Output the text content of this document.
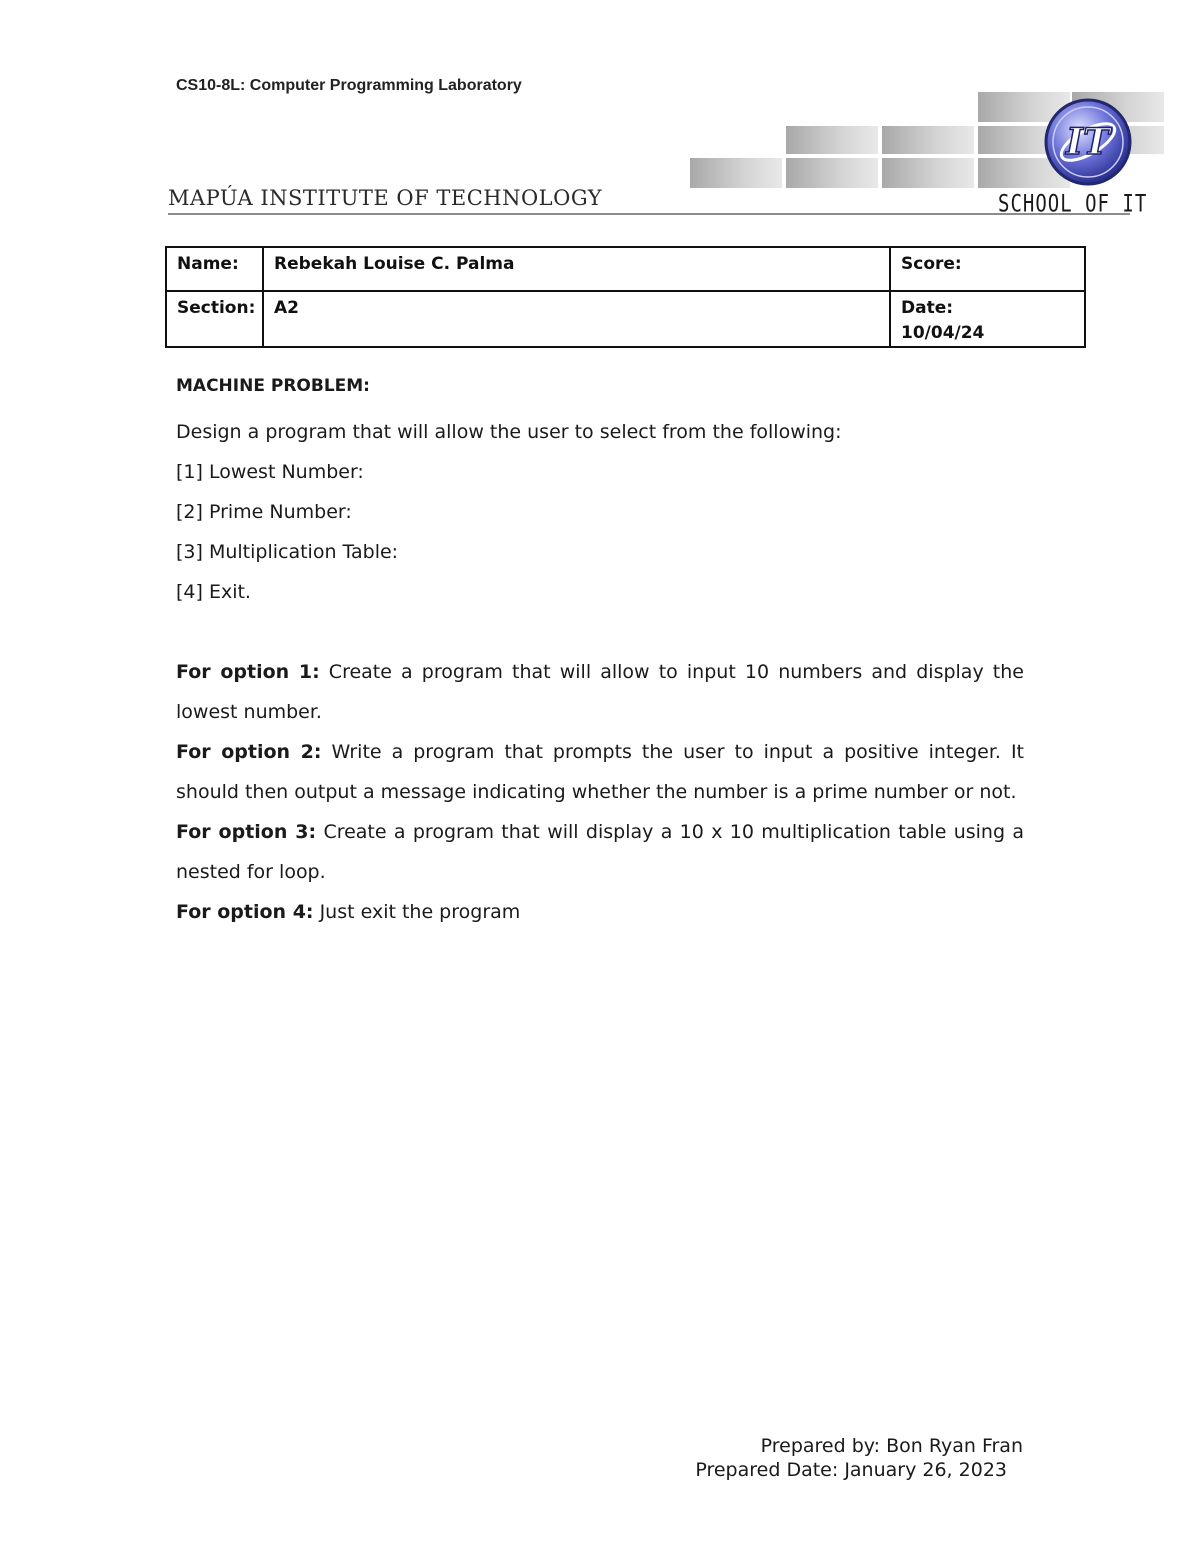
CS10-8L: Computer Programming Laboratory
IT
MAPÚA INSTITUTE OF TECHNOLOGY	SCHOOL OF IT
Name:	Rebekah Louise C. Palma	Score:
Section:	A2	Date:
10/04/24

MACHINE PROBLEM:

Design a program that will allow the user to select from the following:

[1] Lowest Number:

[2] Prime Number:

[3] Multiplication Table:

[4] Exit.

For option 1: Create a program that will allow to input 10 numbers and display the lowest number.

For option 2: Write a program that prompts the user to input a positive integer. It should then output a message indicating whether the number is a prime number or not.

For option 3: Create a program that will display a 10 x 10 multiplication table using a nested for loop.

For option 4: Just exit the program

Prepared by: Bon Ryan Fran
Prepared Date: January 26, 2023
